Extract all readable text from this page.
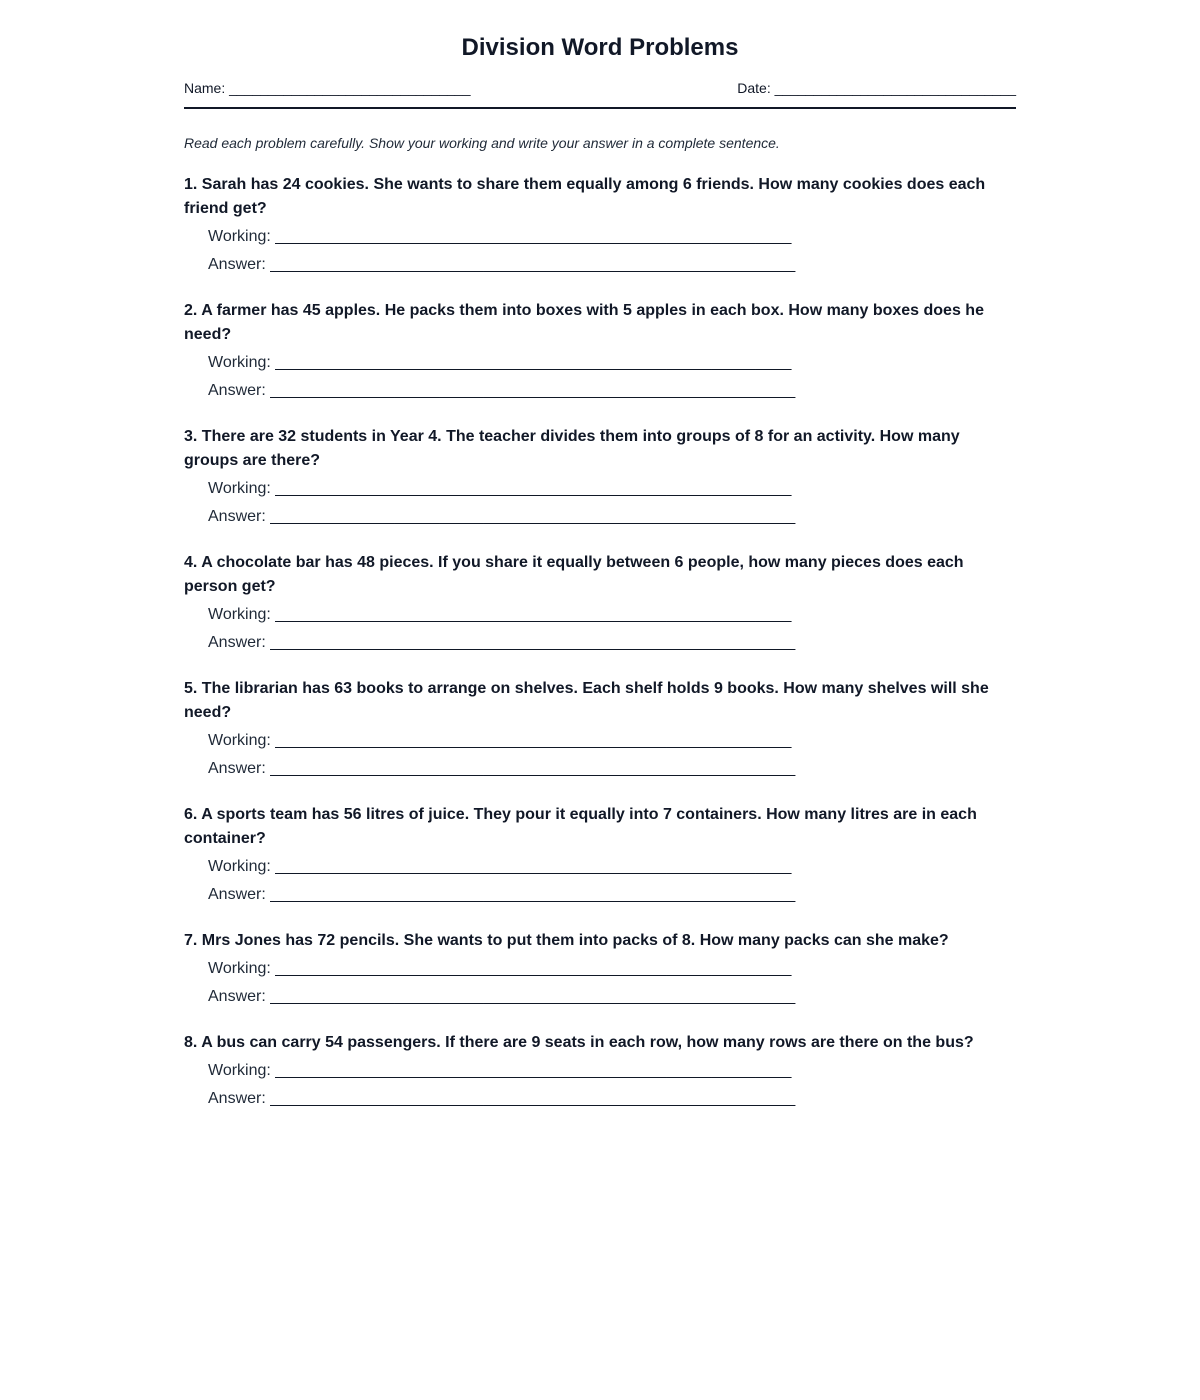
Division Word Problems
Name: _______________________________	Date: _______________________________

Read each problem carefully. Show your working and write your answer in a complete sentence.

1. Sarah has 24 cookies. She wants to share them equally among 6 friends. How many cookies does each friend get?

Working: __________________________________________________________
Answer: ___________________________________________________________

2. A farmer has 45 apples. He packs them into boxes with 5 apples in each box. How many boxes does he need?

Working: __________________________________________________________
Answer: ___________________________________________________________

3. There are 32 students in Year 4. The teacher divides them into groups of 8 for an activity. How many groups are there?

Working: __________________________________________________________
Answer: ___________________________________________________________

4. A chocolate bar has 48 pieces. If you share it equally between 6 people, how many pieces does each person get?

Working: __________________________________________________________
Answer: ___________________________________________________________

5. The librarian has 63 books to arrange on shelves. Each shelf holds 9 books. How many shelves will she need?

Working: __________________________________________________________
Answer: ___________________________________________________________

6. A sports team has 56 litres of juice. They pour it equally into 7 containers. How many litres are in each container?

Working: __________________________________________________________
Answer: ___________________________________________________________

7. Mrs Jones has 72 pencils. She wants to put them into packs of 8. How many packs can she make?

Working: __________________________________________________________
Answer: ___________________________________________________________

8. A bus can carry 54 passengers. If there are 9 seats in each row, how many rows are there on the bus?

Working: __________________________________________________________
Answer: ___________________________________________________________
